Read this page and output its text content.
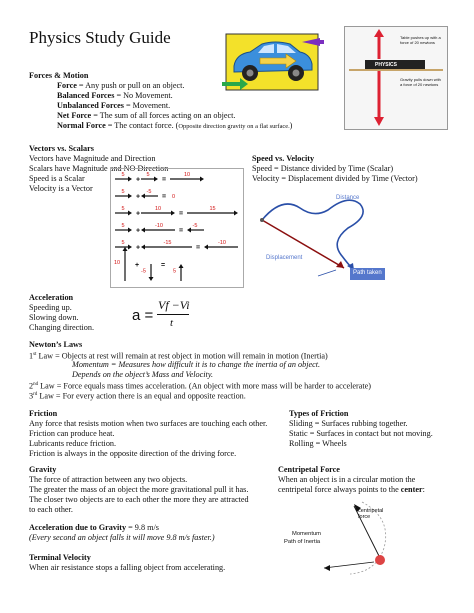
Physics Study Guide
PHYSICS
Table pushes up with a force of 20 newtons
Gravity pulls down with a force of 20 newtons
Forces & Motion
Force = Any push or pull on an object.
Balanced Forces = No Movement.
Unbalanced Forces = Movement.
Net Force = The sum of all forces acting on an object.
Normal Force = The contact force. (Opposite direction gravity on a flat surface.)
Vectors vs. Scalars
Vectors have Magnitude and Direction
Scalars have Magnitude and NO Direction
Speed is a Scalar
Velocity is a Vector
5
+
5
=
10
5
+
-5
= 0
5
+
10
=
15
5
+
-10
=
-5
5
+
-15
=
-10
10 +
-5
=
5
Speed vs. Velocity
Speed = Distance divided by Time (Scalar)
Velocity = Displacement divided by Time (Vector)
Distance
Displacement
Path taken
Acceleration
Speeding up.
Slowing down.
Changing direction.
a =
Vf −Vi
t
Newton’s Laws
1st Law = Objects at rest will remain at rest object in motion will remain in motion (Inertia)
Momentum = Measures how difficult it is to change the inertia of an object.
Depends on the object’s Mass and Velocity.
2nd Law = Force equals mass times acceleration. (An object with more mass will be harder to accelerate)
3rd Law = For every action there is an equal and opposite reaction.
Friction
Any force that resists motion when two surfaces are touching each other.
Friction can produce heat.
Lubricants reduce friction.
Friction is always in the opposite direction of the driving force.
Types of Friction
Sliding = Surfaces rubbing together.
Static = Surfaces in contact but not moving.
Rolling = Wheels
Gravity
The force of attraction between any two objects.
The greater the mass of an object the more gravitational pull it has.
The closer two objects are to each other the more they are attracted
to each other.
Centripetal Force
When an object is in a circular motion the
centripetal force always points to the center:
centripetal force
Momentum
Path of Inertia
Acceleration due to Gravity = 9.8 m/s
(Every second an object falls it will move 9.8 m/s faster.)
Terminal Velocity
When air resistance stops a falling object from accelerating.
